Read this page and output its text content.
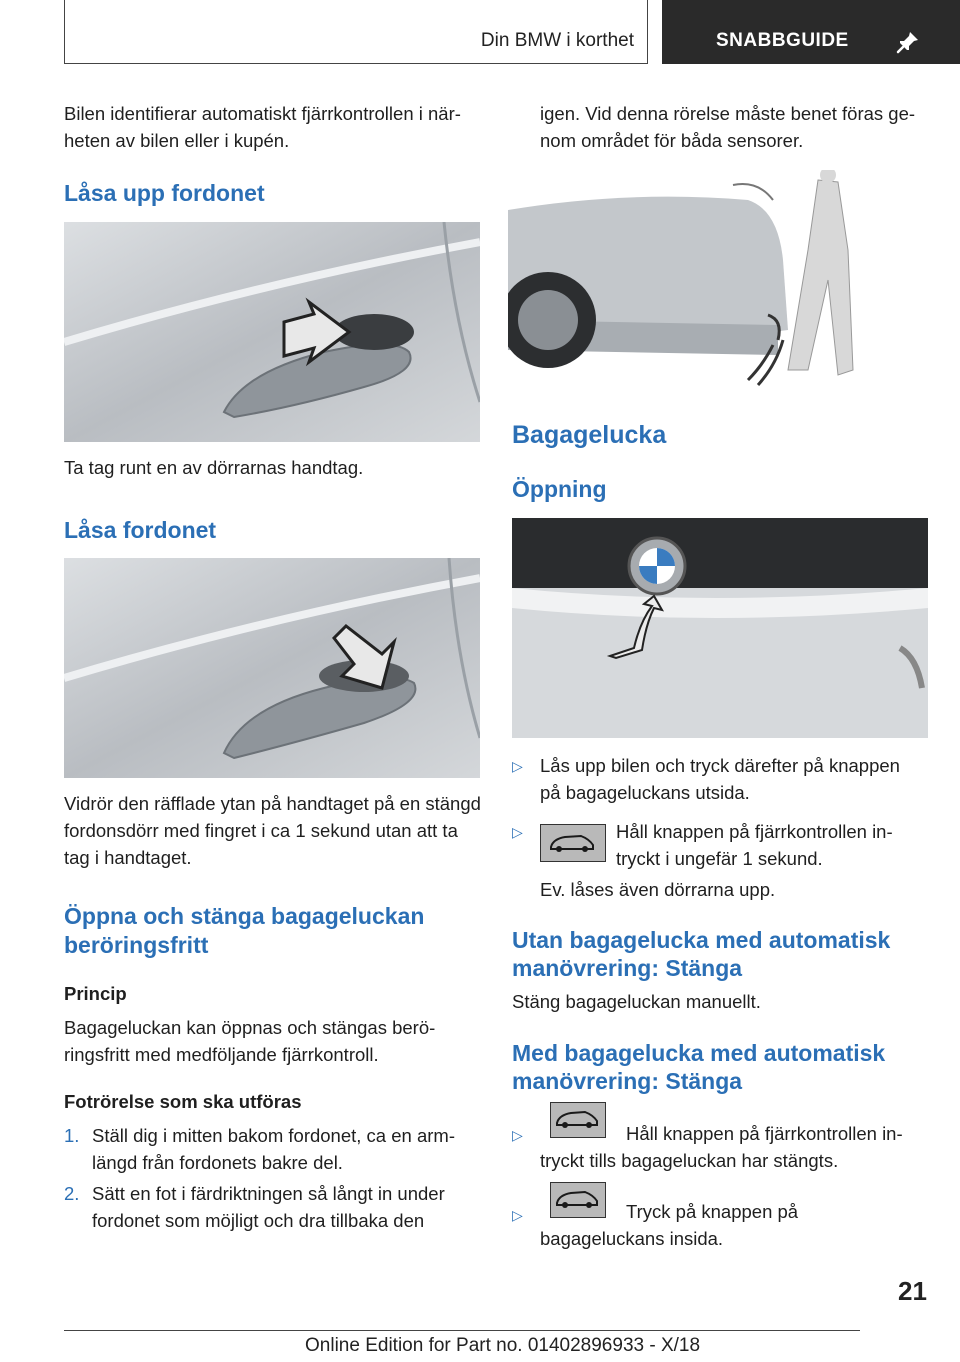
Din BMW i korthet	SNABBGUIDE
Bilen identifierar automatiskt fjärrkontrollen i närheten av bilen eller i kupén.
Låsa upp fordonet
Ta tag runt en av dörrarnas handtag.
Låsa fordonet
Vidrör den räfflade ytan på handtaget på en stängd fordonsdörr med fingret i ca 1 sekund utan att ta tag i handtaget.
Öppna och stänga bagageluckan beröringsfritt
Princip
Bagageluckan kan öppnas och stängas beröringsfritt med medföljande fjärrkontroll.
Fotrörelse som ska utföras
1. Ställ dig i mitten bakom fordonet, ca en armlängd från fordonets bakre del.
2. Sätt en fot i färdriktningen så långt in under fordonet som möjligt och dra tillbaka den
igen. Vid denna rörelse måste benet föras genom området för båda sensorer.
Bagagelucka
Öppning
▷ Lås upp bilen och tryck därefter på knappen på bagageluckans utsida.
▷	Håll knappen på fjärrkontrollen intryckt i ungefär 1 sekund.
Ev. låses även dörrarna upp.
Utan bagagelucka med automatisk manövrering: Stänga
Stäng bagageluckan manuellt.
Med bagagelucka med automatisk manövrering: Stänga
▷	Håll knappen på fjärrkontrollen intryckt tills bagageluckan har stängts.
▷	Tryck på knappen på bagageluckans insida.
21
Online Edition for Part no. 01402896933 - X/18
